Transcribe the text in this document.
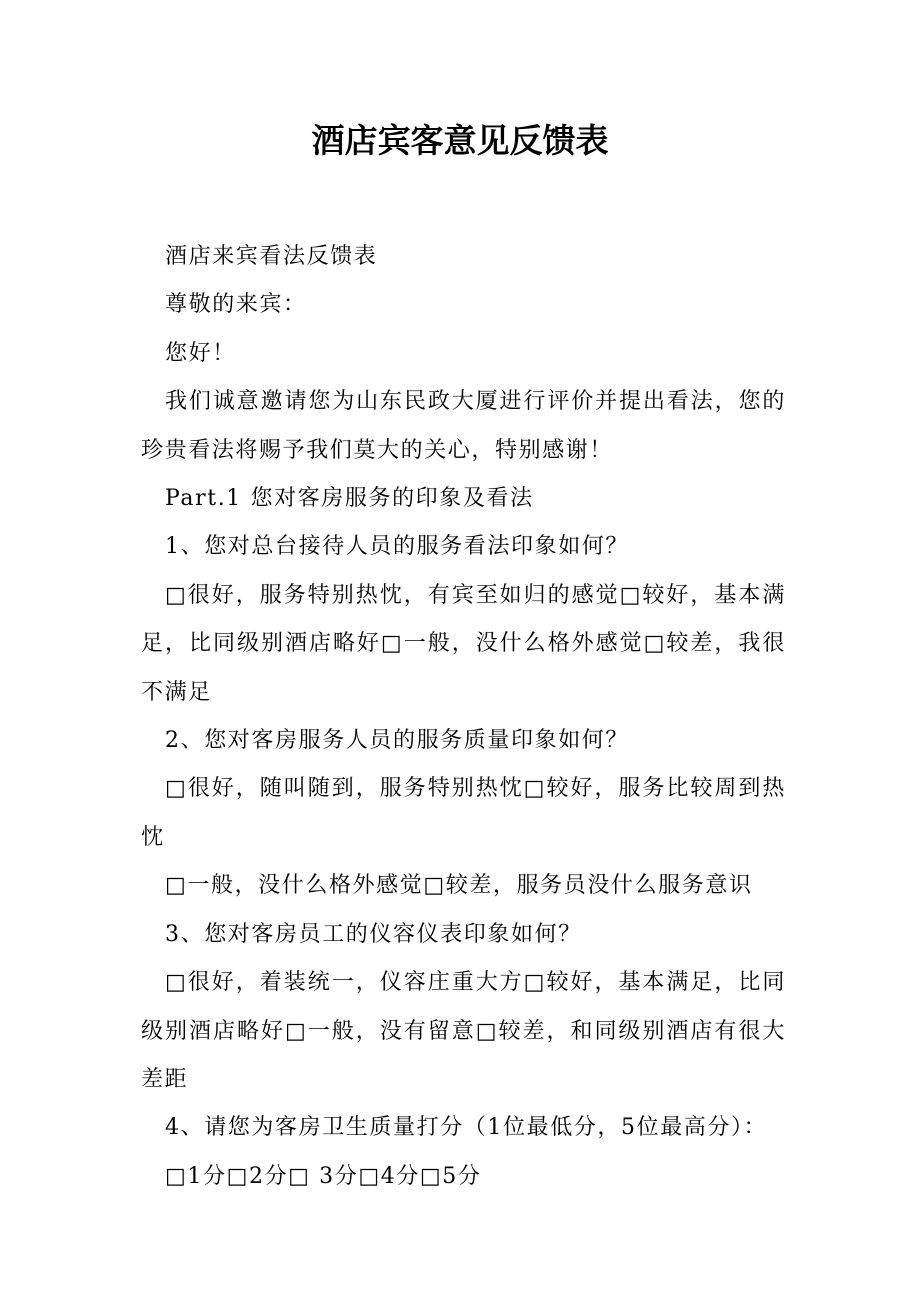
酒店宾客意见反馈表

酒店来宾看法反馈表

尊敬的来宾：

您好！

我们诚意邀请您为山东民政大厦进行评价并提出看法，您的珍贵看法将赐予我们莫大的关心，特别感谢！

Part.1 您对客房服务的印象及看法

1、您对总台接待人员的服务看法印象如何？

□很好，服务特别热忱，有宾至如归的感觉□较好，基本满足，比同级别酒店略好□一般，没什么格外感觉□较差，我很不满足

2、您对客房服务人员的服务质量印象如何？

□很好，随叫随到，服务特别热忱□较好，服务比较周到热忱

□一般，没什么格外感觉□较差，服务员没什么服务意识

3、您对客房员工的仪容仪表印象如何？

□很好，着装统一，仪容庄重大方□较好，基本满足，比同级别酒店略好□一般，没有留意□较差，和同级别酒店有很大差距

4、请您为客房卫生质量打分（1位最低分，5位最高分）：

□1分□2分□ 3分□4分□5分
